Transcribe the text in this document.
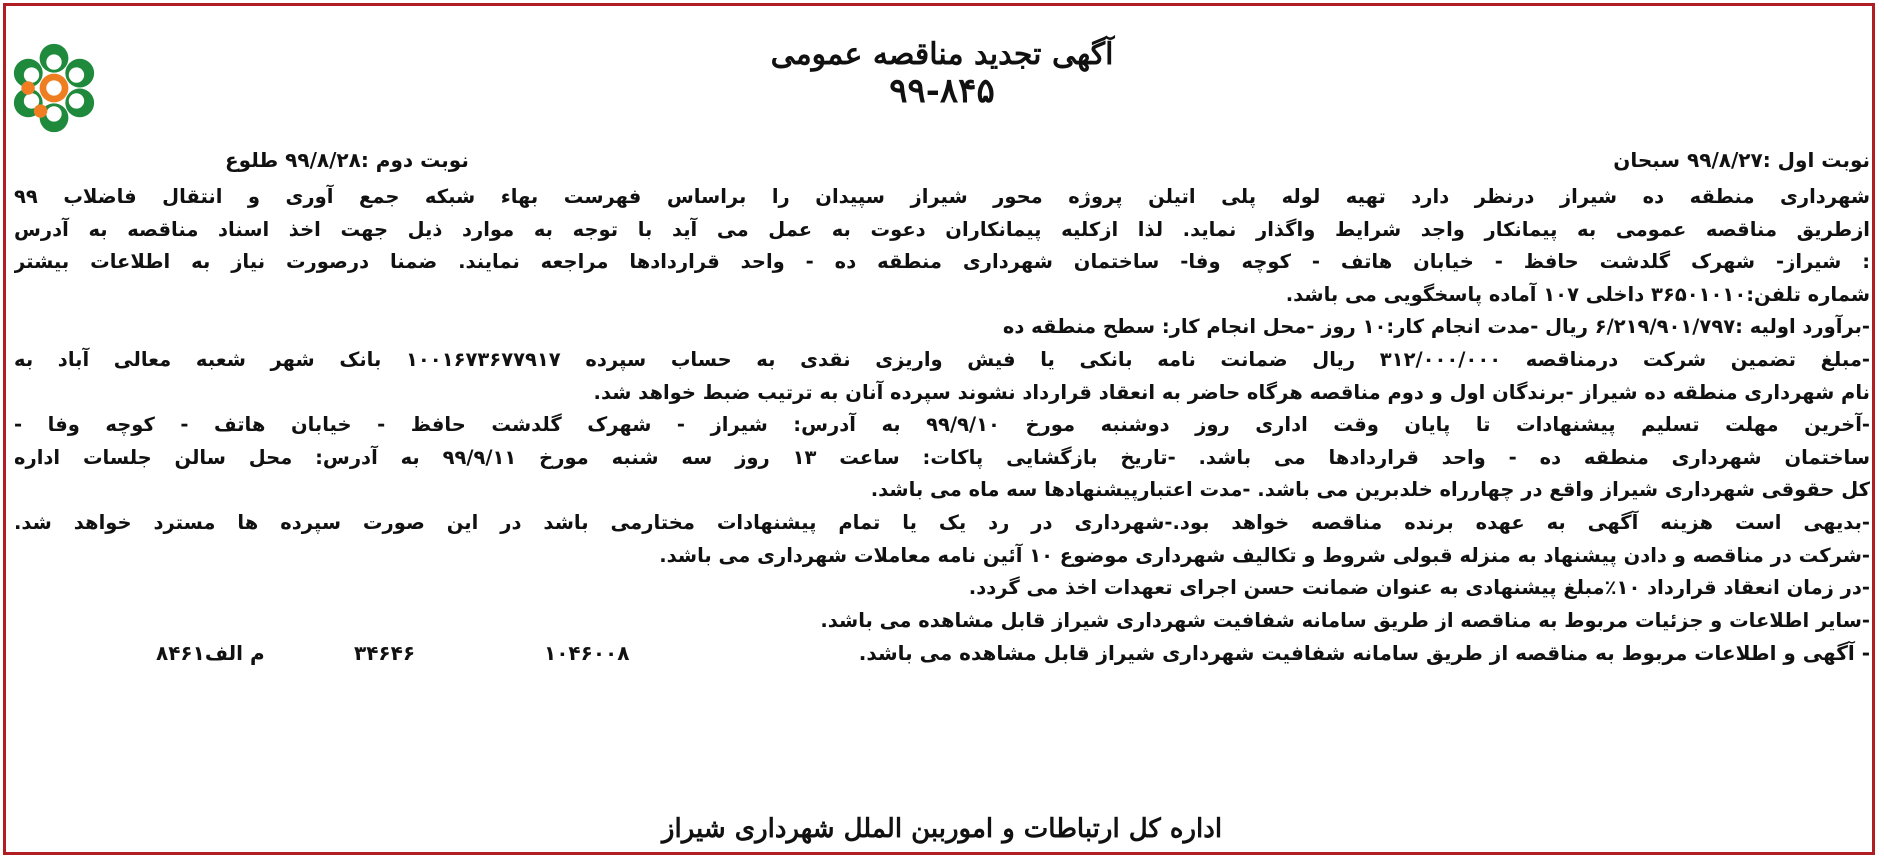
آگهی تجدید مناقصه عمومی
۹۹-۸۴۵
نوبت اول :۹۹/۸/۲۷ سبحان
نوبت دوم :۹۹/۸/۲۸ طلوع
شهرداری منطقه ده شیراز درنظر دارد تهیه لوله پلی اتیلن پروژه محور شیراز سپیدان را براساس فهرست بهاء شبکه جمع آوری و انتقال فاضلاب ۹۹
ازطریق مناقصه عمومی به پیمانکار واجد شرایط واگذار نماید. لذا ازکلیه پیمانکاران دعوت به عمل می آید با توجه به موارد ذیل جهت اخذ اسناد مناقصه به آدرس
: شیراز- شهرک گلدشت حافظ - خیابان هاتف - کوچه وفا- ساختمان شهرداری منطقه ده - واحد قراردادها مراجعه نمایند. ضمنا درصورت نیاز به اطلاعات بیشتر
شماره تلفن:۳۶۵۰۱۰۱۰ داخلی ۱۰۷ آماده پاسخگویی می باشد.
-برآورد اولیه :۶/۲۱۹/۹۰۱/۷۹۷ ریال -مدت انجام کار:۱۰ روز -محل انجام کار: سطح منطقه ده
-مبلغ تضمین شرکت درمناقصه ۳۱۲/۰۰۰/۰۰۰ ریال ضمانت نامه بانکی یا فیش واریزی نقدی به حساب سپرده ۱۰۰۱۶۷۳۶۷۷۹۱۷ بانک شهر شعبه معالی آباد به
نام شهرداری منطقه ده شیراز -برندگان اول و دوم مناقصه هرگاه حاضر به انعقاد قرارداد نشوند سپرده آنان به ترتیب ضبط خواهد شد.
-آخرین مهلت تسلیم پیشنهادات تا پایان وقت اداری روز دوشنبه مورخ ۹۹/۹/۱۰ به آدرس: شیراز - شهرک گلدشت حافظ - خیابان هاتف - کوچه وفا -
ساختمان شهرداری منطقه ده - واحد قراردادها می باشد. -تاریخ بازگشایی پاکات: ساعت ۱۳ روز سه شنبه مورخ ۹۹/۹/۱۱ به آدرس: محل سالن جلسات اداره
کل حقوقی شهرداری شیراز واقع در چهارراه خلدبرین می باشد. -مدت اعتبارپیشنهادها سه ماه می باشد.
-بدیهی است هزینه آگهی به عهده برنده مناقصه خواهد بود.-شهرداری در رد یک یا تمام پیشنهادات مختارمی باشد در این صورت سپرده ها مسترد خواهد شد.
-شرکت در مناقصه و دادن پیشنهاد به منزله قبولی شروط و تکالیف شهرداری موضوع ۱۰ آئین نامه معاملات شهرداری می باشد.
-در زمان انعقاد قرارداد ۱۰٪مبلغ پیشنهادی به عنوان ضمانت حسن اجرای تعهدات اخذ می گردد.
-سایر اطلاعات و جزئیات مربوط به مناقصه از طریق سامانه شفافیت شهرداری شیراز قابل مشاهده می باشد.
- آگهی و اطلاعات مربوط به مناقصه از طریق سامانه شفافیت شهرداری شیراز قابل مشاهده می باشد.
۱۰۴۶۰۰۸
۳۴۶۴۶
م الف۸۴۶۱
اداره کل ارتباطات و امورببن الملل شهرداری شیراز
